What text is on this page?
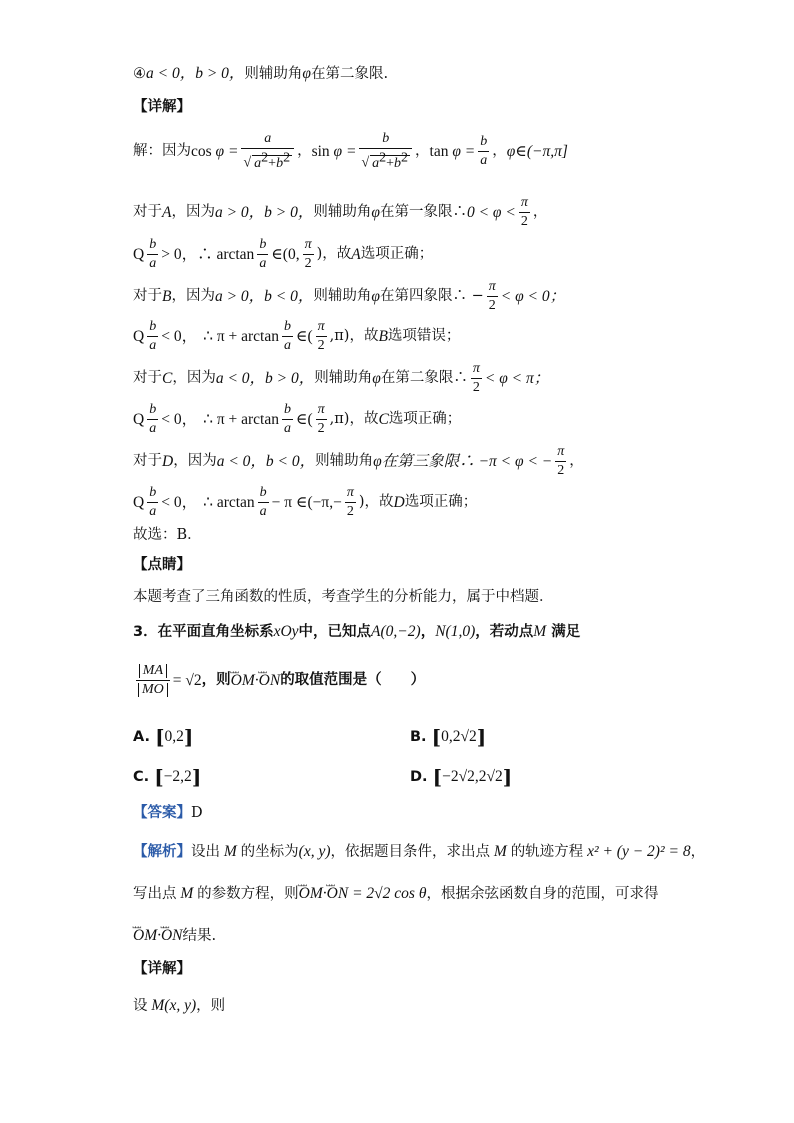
④ a < 0，b > 0， 则辅助角 φ 在第二象限.
【详解】
解：因为 $\cos \varphi = \frac{a}{√ a^2+b^2}$ ， $\sin \varphi = \frac{b}{√ a^2+b^2}$ ， $\tan \varphi = \frac{b}{a}$ ， φ∈(−π,π]
对于 A ，因为 a > 0，b > 0， 则辅助角 φ 在第一象限∴ $0 < \varphi < \frac{\pi}{2}$ ，
Q $\frac{b}{a} > 0$，∴ $\arctan \frac{b}{a}$ ∈(0, $\frac{\pi}{2}$ )，故 A 选项正确；
对于 B ，因为 a > 0，b < 0， 则辅助角 φ 在第四象限∴ − $\frac{\pi}{2} < \varphi < 0$；
Q $\frac{b}{a} < 0$， ∴ $\pi + \arctan \frac{b}{a}$ ∈( $\frac{\pi}{2} ,\pi$)，故 B 选项错误；
对于 C ，因为 a < 0，b > 0， 则辅助角 φ 在第二象限∴ $\frac{\pi}{2} < \varphi < \pi$；
Q $\frac{b}{a} < 0$， ∴ $\pi + \arctan \frac{b}{a}$ ∈( $\frac{\pi}{2} ,\pi$)，故 C 选项正确；
对于 D ，因为 a < 0，b < 0， 则辅助角 φ 在第三象限∴ −π < φ < − $\frac{\pi}{2}$ ，
Q $\frac{b}{a} < 0$， ∴ $\arctan \frac{b}{a} - \pi$ ∈(−π,− $\frac{\pi}{2}$ )，故 D 选项正确；
故选：B．
【点睛】
本题考查了三角函数的性质，考查学生的分析能力，属于中档题．
3． 在平面直角坐标系 xOy 中，已知点 A(0,−2) ， N(1,0) ，若动点 M
满足
$\frac{MA}{MO} = √2$ ，则 ˽˽˽ OM·˽˽˽ ON 的取值范围是（　　）
A.
[ 0,2 ]	B.
[ 0,2√2 ]
C.
[ −2,2 ]	D.
[ −2√2,2√2 ]
【答案】 D
【解析】 设出 M 的坐标为 (x, y) ，依据题目条件，求出点 M 的轨迹方程
x² + (y − 2)² = 8 ，
写出点 M 的参数方程，则 ˽˽˽ OM·˽˽˽ ON
= 2√2 cos θ ，根据余弦函数自身的范围，可求得
˽˽˽ OM·˽˽˽ ON 结果.
【详解】
设
M(x, y) ，则
